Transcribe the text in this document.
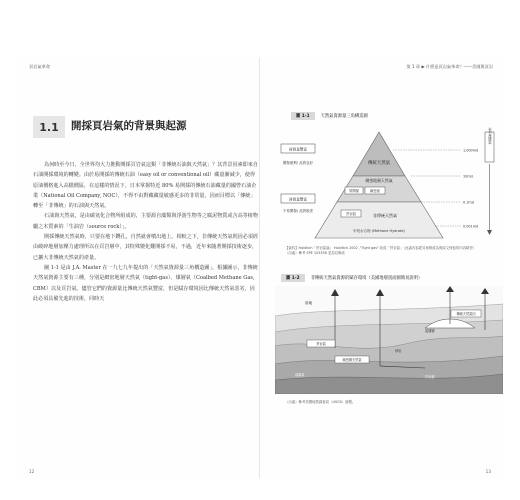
頁岩氣革命
1.1	開採頁岩氣的背景與起源

為何時至今日，全世界均大力推動開採頁岩氣這類「非傳統石油與天然氣」？其背景因素即來自石油開採環境的轉變。由於易開採的傳統石油（easy oil or conventional oil）藏量漸減少，使得原油價格進入高檔價區，在這樣的情況下，日本掌握特近 80% 易開採的傳統石油藏量的國營石油企業（National Oil Company, NOC），不得不由對藏藏量敏感更多的非常量，因而目標以「傳統」轉至「非傳統」的石油與天然氣。

石油與天然氣，是由碳氫化合物所組成的，主要源自藻類與浮游生物等之腐泥物質或含高等植物屬之木質素的「生油岩（source rock）」。

開採傳統天然氣時，只要在地下鑽孔，自然就會噴出地上。相較之下，非傳統天然氣則因必須經由破碎地層加壓力處理所以在頁岩層中，其特殊變化難開採不易，不過，近年來隨著開採技術逐步，已擴大非傳統天然氣的產量。

圖 1-1 是由 J.A. Master 在一九七九年提出的「天然氣資源量三角構造圖」。根據圖示，非傳統天然氣資源主要有三種，分別是緻密地層天然氣（tight-gas）、煤層氣（Coalbed Methane Gas, CBM）以及頁岩氣。儘管它們的資源量比傳統天然氣豐富，但是賦存環境因比傳統天然氣惡劣，因此必須具備先進的技術，同時天

12
第 1 章 ▶ 什麼是頁岩氣革命？——美國與頁岩
圖 1-1	天然氣資源量三角構造圖
傳統天然氣
緻密地層天然氣
非傳統天然氣
甲烷水合物 (Methane Hydrate)
易開採	緻密油
頁岩氣
資源量豐富
開發便利/ 品質良好
資源量豐富
不易開發/ 品質較差
1,000md
10md
0.1md
0.001md
岩石滲透率
【資料】Holditch「頁岩氣論」 Holditch 2002 ,"Tight gas" 改成「頁岩氣」（此處內容經另案修改為與原文保留的內容略差）
（出處）參考 SPE 103356 並加以修改
圖 1-2	非傳統天然氣資源的賦存環境（美國地層剖面圖簡易說明）
陸地
傳統天然氣田
氣儲層
頁岩氣
砂岩
緻密層天然氣
頁岩層
煤層氣
（出處）參考美國地質調查局（USGS）繪製。
13
